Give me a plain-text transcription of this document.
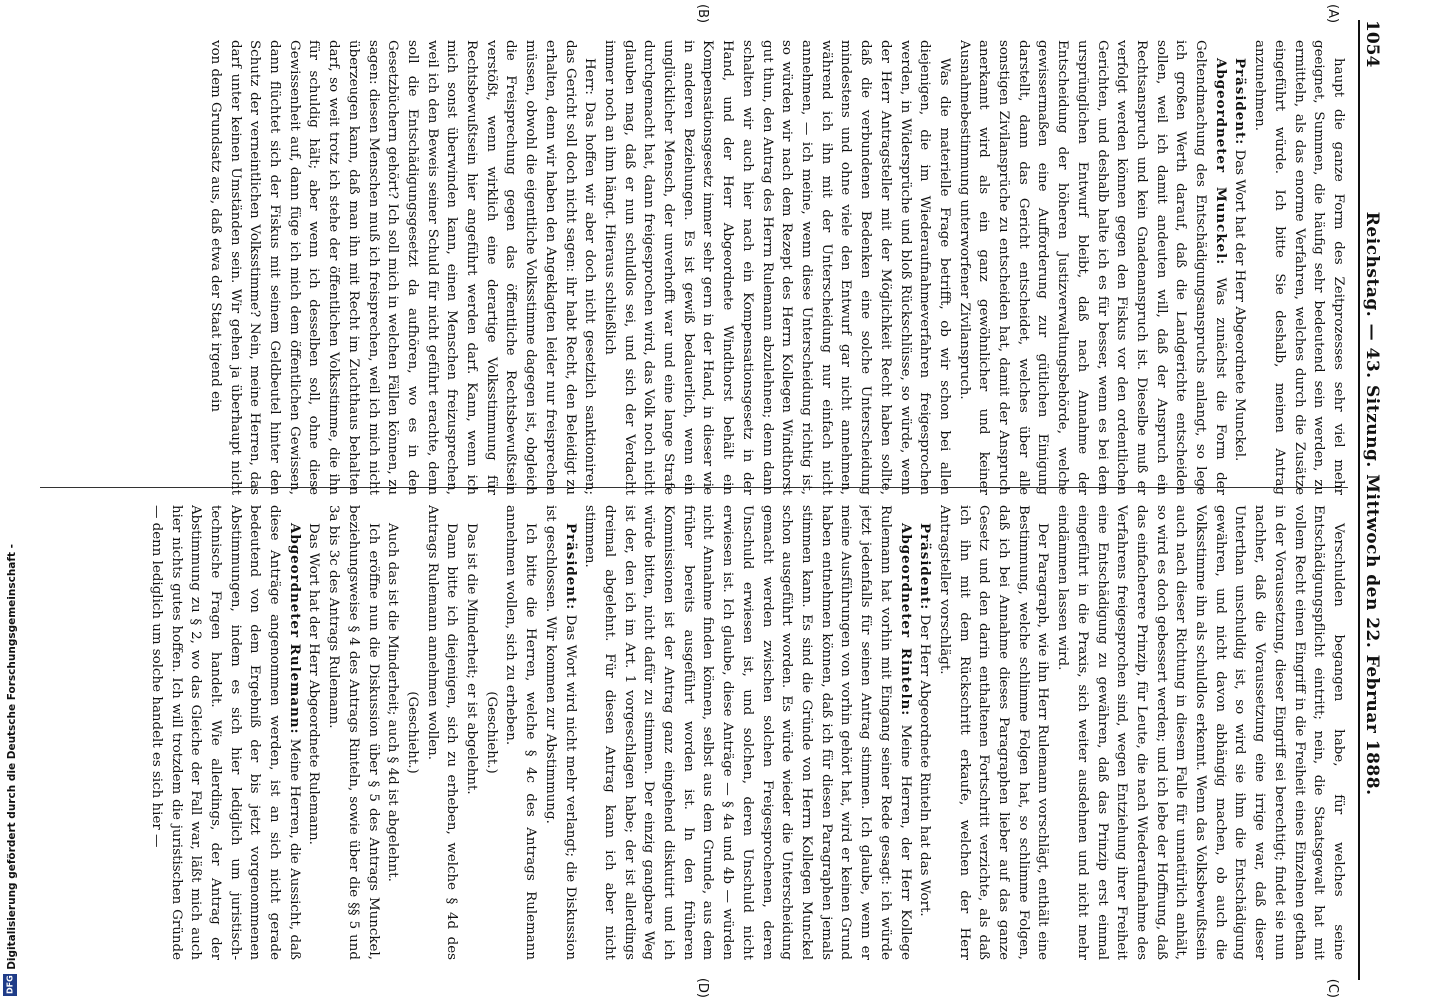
1054
Reichstag. — 43. Sitzung. Mittwoch den 22. Februar 1888.
(A)
(B)
(C)
(D)

haupt die ganze Form des Zeitprozesses sehr viel mehr geeignet, Summen, die häufig sehr bedeutend sein werden, zu ermitteln, als das enorme Verfahren, welches durch die Zusätze eingeführt würde. Ich bitte Sie deshalb, meinen Antrag anzunehmen.

Präsident: Das Wort hat der Herr Abgeordnete Munckel.

Abgeordneter Munckel: Was zunächst die Form der Geltendmachung des Entschädigungsanspruchs anlangt, so lege ich großen Werth darauf, daß die Landgerichte entscheiden sollen, weil ich damit andeuten will, daß der Anspruch ein Rechtsanspruch und kein Gnadenanspruch ist. Dieselbe muß er verfolgt werden können gegen den Fiskus vor den ordentlichen Gerichten, und deshalb halte ich es für besser, wenn es bei dem ursprünglichen Entwurf bleibt, daß nach Annahme der Entscheidung der höheren Justizverwaltungsbehörde, welche gewissermaßen eine Aufforderung zur gütlichen Einigung darstellt, dann das Gericht entscheidet, welches über alle sonstigen Zivilansprüche zu entscheiden hat, damit der Anspruch anerkannt wird als ein ganz gewöhnlicher und keiner Ausnahmebestimmung unterworfener Zivilanspruch.

Was die materielle Frage betrifft, ob wir schon bei allen diejenigen, die im Wiederaufnahmeverfahren freigesprochen werden, in Widersprüche und bloß Rückschlüsse, so würde, wenn der Herr Antragsteller mit der Möglichkeit Recht haben sollte, daß die verbundenen Bedenken eine solche Unterscheidung mindestens und ohne viele den Entwurf gar nicht annehmen, während ich ihn mit der Unterscheidung nur einfach nicht annehmen, — ich meine, wenn diese Unterscheidung richtig ist, so würden wir nach dem Rezept des Herrn Kollegen Windthorst gut thun, den Antrag des Herrn Rulemann abzulehnen; denn dann schalten wir auch hier nach ein Kompensationsgesetz in der Hand, und der Herr Abgeordnete Windthorst behält ein Kompensationsgesetz immer sehr gern in der Hand, in dieser wie in anderen Beziehungen. Es ist gewiß bedauerlich, wenn ein unglücklicher Mensch, der unverhofft war und eine lange Strafe durchgemacht hat, dann freigesprochen wird, das Volk noch nicht glauben mag, daß er nun schuldlos sei, und sich der Verdacht immer noch an ihm hängt. Hieraus schließlich

Herr: Das hoffen wir aber doch nicht gesetzlich sanktioniren; das Gericht soll doch nicht sagen: ihr habt Recht, den Beleidigt zu erhalten, denn wir haben den Angeklagten leider nur freisprechen müssen, obwohl die eigentliche Volksstimme dagegen ist, obgleich die Freisprechung gegen das öffentliche Rechtsbewußtsein verstößt, wenn wirklich eine derartige Volksstimmung für Rechtsbewußtsein hier angeführt werden darf. Kann, wenn ich mich sonst überwinden kann, einen Menschen freizusprechen, weil ich den Beweis seiner Schuld für nicht geführt erachte, denn soll die Entschädigungsgesetzt da aufhören, wo es in den Gesetzbüchern gehört? Ich soll mich in welchen Fällen können, zu sagen: diesen Menschen muß ich freisprechen, weil ich mich nicht überzeugen kann, daß man ihn mit Recht im Zuchthaus behalten darf, so weit trotz ich stehe der öffentlichen Volksstimme, die ihn für schuldig hält; aber wenn ich desselben soll, ohne diese Gewissenheit auf, dann füge ich mich dem öffentlichen Gewissen, dann flüchtet sich der Fiskus mit seinem Geldbeutel hinter den Schutz der verneintlichen Volksstimme? Nein, meine Herren, das darf unter keinen Umständen sein. Wir gehen ja überhaupt nicht von dem Grundsatz aus, daß etwa der Staat irgend ein

Verschulden begangen habe, für welches seine Entschädigungspflicht eintritt; nein, die Staatsgewalt hat mit vollem Recht einen Eingriff in die Freiheit eines Einzelnen gethan in der Voraussetzung, dieser Eingriff sei berechtigt; findet sie nun nachher, daß die Voraussetzung eine irrige war, daß dieser Unterthan unschuldig ist, so wird sie ihm die Entschädigung gewähren, und nicht davon abhängig machen, ob auch die Volksstimme ihn als schuldlos erkennt. Wenn das Volksbewußtsein auch nach dieser Richtung in diesem Falle für unnatürlich anhält, so wird es doch gebessert werden; und ich lebe der Hoffnung, daß das einfacherere Prinzip, für Leute, die nach Wiederaufnahme des Verfahrens freigesprochen sind, wegen Entziehung ihrer Freiheit eine Entschädigung zu gewähren, daß das Prinzip erst einmal eingeführt in die Praxis, sich weiter ausdehnen und nicht mehr eindämmen lassen wird.

Der Paragraph, wie ihn Herr Rulemann vorschlägt, enthält eine Bestimmung, welche schlimme Folgen hat, so schlimme Folgen, daß ich bei Annahme dieses Paragraphen lieber auf das ganze Gesetz und den darin enthaltenen Fortschritt verzichte, als daß ich ihn mit dem Rückschritt erkaufe, welchen der Herr Antragsteller vorschlägt.

Präsident: Der Herr Abgeordnete Rinteln hat das Wort.

Abgeordneter Rinteln: Meine Herren, der Herr Kollege Rulemann hat vorhin mit Eingang seiner Rede gesagt: ich würde jetzt jedenfalls für seinen Antrag stimmen. Ich glaube, wenn er meine Ausführungen von vorhin gehört hat, wird er keinen Grund haben entnehmen können, daß ich für diesen Paragraphen jemals stimmen kann. Es sind die Gründe von Herrn Kollegen Munckel schon ausgeführt worden. Es würde wieder die Unterscheidung gemacht werden zwischen solchen Freigesprochenen, deren Unschuld erwiesen ist, und solchen, deren Unschuld nicht erwiesen ist. Ich glaube, diese Anträge — § 4a und 4b — würden nicht Annahme finden können, selbst aus dem Grunde, aus dem früher bereits ausgeführt worden ist. In den früheren Kommissionen ist der Antrag ganz eingehend diskutirt und ich würde bitten, nicht dafür zu stimmen. Der einzig gangbare Weg ist der, den ich im Art. 1 vorgeschlagen habe; der ist allerdings dreimal abgelehnt. Für diesen Antrag kann ich aber nicht stimmen.

Präsident: Das Wort wird nicht mehr verlangt; die Diskussion ist geschlossen. Wir kommen zur Abstimmung.

Ich bitte die Herren, welche § 4c des Antrags Rulemann annehmen wollen, sich zu erheben.

(Geschieht.)

Das ist die Minderheit; er ist abgelehnt.

Dann bitte ich diejenigen, sich zu erheben, welche § 4d des Antrags Rulemann annehmen wollen.

(Geschieht.)

Auch das ist die Minderheit; auch § 4d ist abgelehnt.

Ich eröffne nun die Diskussion über § 5 des Antrags Munckel, beziehungsweise § 4 des Antrags Rinteln, sowie über die §§ 5 und 3a bis 3c des Antrags Rulemann.

Das Wort hat der Herr Abgeordnete Rulemann.

Abgeordneter Rulemann: Meine Herren, die Aussicht, daß diese Anträge angenommen werden, ist an sich nicht gerade bedeutend von dem Ergebniß der bis jetzt vorgenommenen Abstimmungen, indem es sich hier lediglich um juristisch-technische Fragen handelt. Wie allerdings, der Antrag der Abstimmung zu § 2, wo das Gleiche der Fall war, läßt mich auch hier nichts gutes hoffen. Ich will trotzdem die juristischen Gründe — denn lediglich um solche handelt es sich hier —

Digitalisierung gefördert durch die Deutsche Forschungsgemeinschaft -
DFG
